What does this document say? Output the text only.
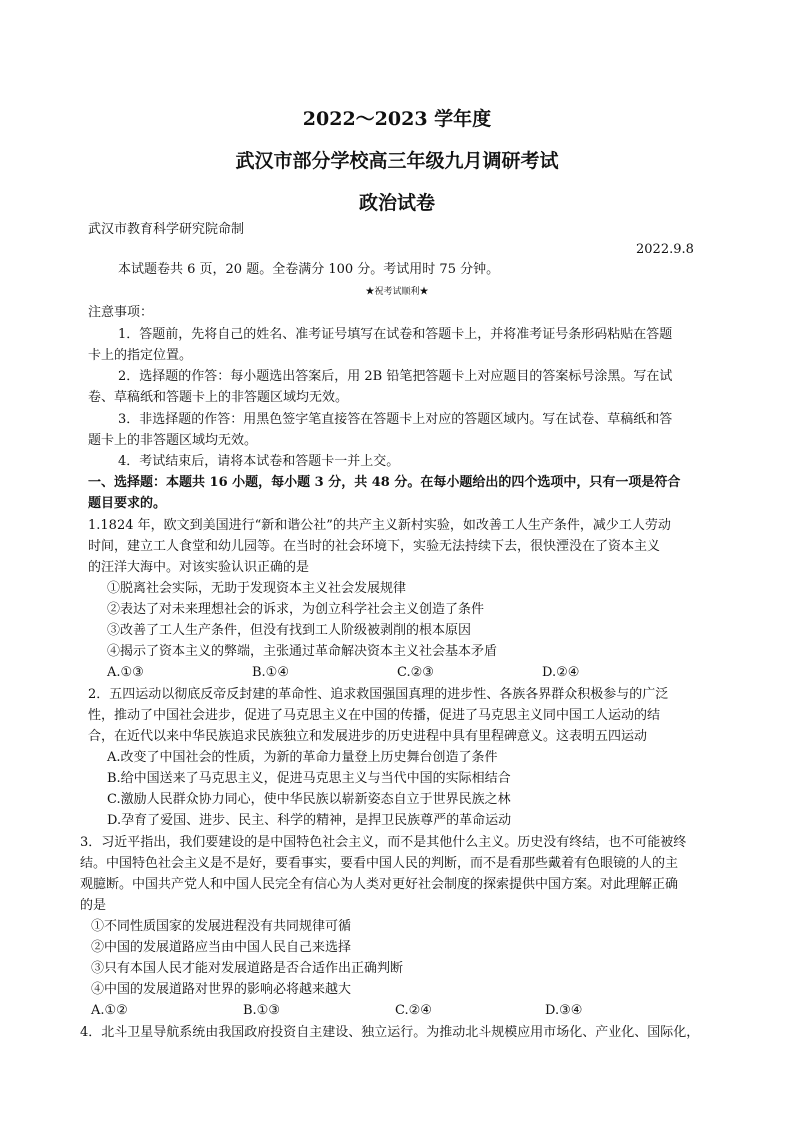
2022～2023 学年度
武汉市部分学校高三年级九月调研考试
政治试卷
武汉市教育科学研究院命制
2022.9.8
本试题卷共 6 页，20 题。全卷满分 100 分。考试用时 75 分钟。
★祝考试顺利★
注意事项：
1．答题前，先将自己的姓名、准考证号填写在试卷和答题卡上，并将准考证号条形码粘贴在答题
卡上的指定位置。
2．选择题的作答：每小题选出答案后，用 2B 铅笔把答题卡上对应题目的答案标号涂黑。写在试
卷、草稿纸和答题卡上的非答题区域均无效。
3．非选择题的作答：用黑色签字笔直接答在答题卡上对应的答题区域内。写在试卷、草稿纸和答
题卡上的非答题区域均无效。
4．考试结束后，请将本试卷和答题卡一并上交。
一、选择题：本题共 16 小题，每小题 3 分，共 48 分。在每小题给出的四个选项中，只有一项是符合
题目要求的。
1.1824 年，欧文到美国进行“新和谐公社”的共产主义新村实验，如改善工人生产条件，减少工人劳动
时间，建立工人食堂和幼儿园等。在当时的社会环境下，实验无法持续下去，很快湮没在了资本主义
的汪洋大海中。对该实验认识正确的是
①脱离社会实际，无助于发现资本主义社会发展规律
②表达了对未来理想社会的诉求，为创立科学社会主义创造了条件
③改善了工人生产条件，但没有找到工人阶级被剥削的根本原因
④揭示了资本主义的弊端，主张通过革命解决资本主义社会基本矛盾
A.①③	B.①④	C.②③	D.②④
2．五四运动以彻底反帝反封建的革命性、追求救国强国真理的进步性、各族各界群众积极参与的广泛
性，推动了中国社会进步，促进了马克思主义在中国的传播，促进了马克思主义同中国工人运动的结
合，在近代以来中华民族追求民族独立和发展进步的历史进程中具有里程碑意义。这表明五四运动
A.改变了中国社会的性质，为新的革命力量登上历史舞台创造了条件
B.给中国送来了马克思主义，促进马克思主义与当代中国的实际相结合
C.激励人民群众协力同心，使中华民族以崭新姿态自立于世界民族之林
D.孕育了爱国、进步、民主、科学的精神，是捍卫民族尊严的革命运动
3．习近平指出，我们要建设的是中国特色社会主义，而不是其他什么主义。历史没有终结，也不可能被终
结。中国特色社会主义是不是好，要看事实，要看中国人民的判断，而不是看那些戴着有色眼镜的人的主
观臆断。中国共产党人和中国人民完全有信心为人类对更好社会制度的探索提供中国方案。对此理解正确
的是
①不同性质国家的发展进程没有共同规律可循
②中国的发展道路应当由中国人民自己来选择
③只有本国人民才能对发展道路是否合适作出正确判断
④中国的发展道路对世界的影响必将越来越大
A.①②	B.①③	C.②④	D.③④
4．北斗卫星导航系统由我国政府投资自主建设、独立运行。为推动北斗规模应用市场化、产业化、国际化，
